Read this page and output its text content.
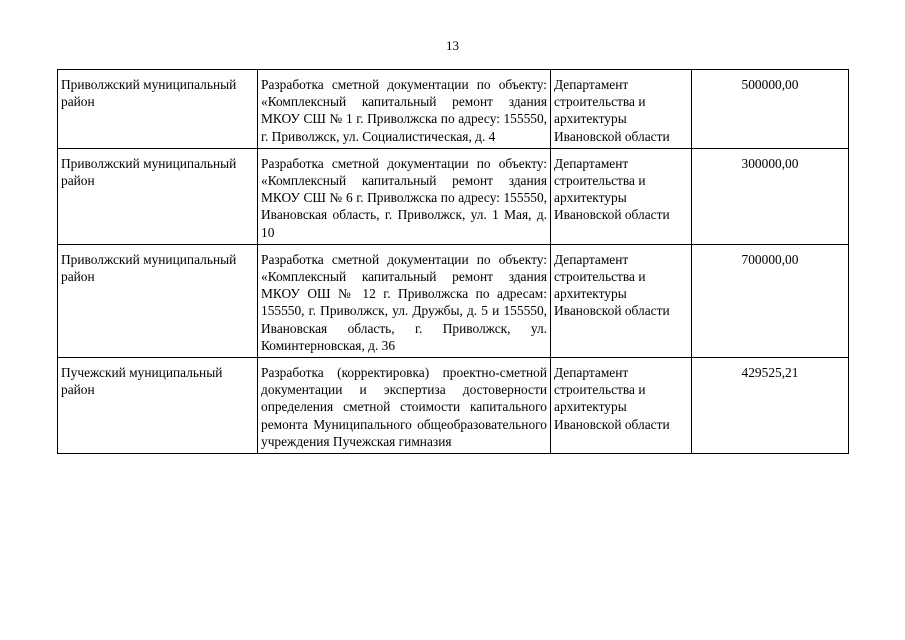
13
Приволжский муниципальный район	Разработка сметной документации по объекту: «Комплексный капитальный ремонт здания МКОУ СШ № 1 г. Приволжска по адресу: 155550, г. Приволжск, ул. Социалистическая, д. 4	Департамент строительства и архитектуры Ивановской области	500000,00
Приволжский муниципальный район	Разработка сметной документации по объекту: «Комплексный капитальный ремонт здания МКОУ СШ № 6 г. Приволжска по адресу: 155550, Ивановская область, г. Приволжск, ул. 1 Мая, д. 10	Департамент строительства и архитектуры Ивановской области	300000,00
Приволжский муниципальный район	Разработка сметной документации по объекту: «Комплексный капитальный ремонт здания МКОУ ОШ № 12 г. Приволжска по адресам: 155550, г. Приволжск, ул. Дружбы, д. 5 и 155550, Ивановская область, г. Приволжск, ул. Коминтерновская, д. 36	Департамент строительства и архитектуры Ивановской области	700000,00
Пучежский муниципальный район	Разработка (корректировка) проектно-сметной документации и экспертиза достоверности определения сметной стоимости капитального ремонта Муниципального общеобразовательного учреждения Пучежская гимназия	Департамент строительства и архитектуры Ивановской области	429525,21
